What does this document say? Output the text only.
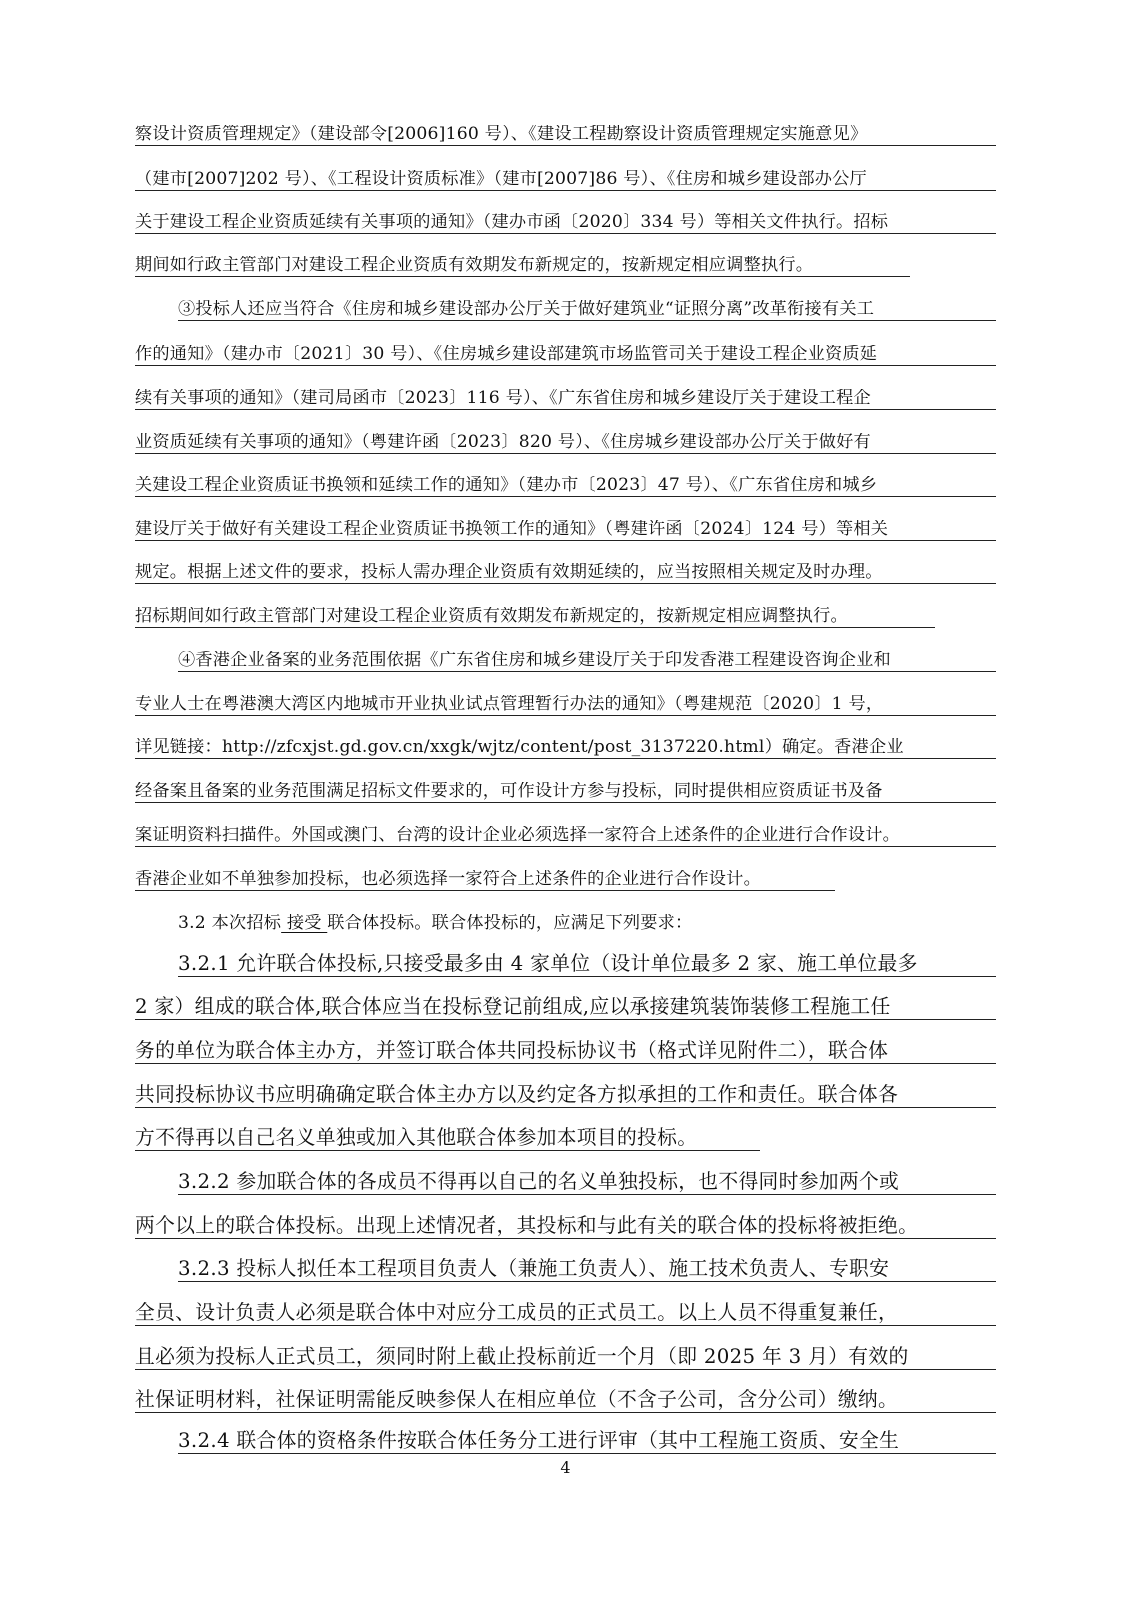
察设计资质管理规定》（建设部令[2006]160 号）、《建设工程勘察设计资质管理规定实施意见》
（建市[2007]202 号）、《工程设计资质标准》（建市[2007]86 号）、《住房和城乡建设部办公厅
关于建设工程企业资质延续有关事项的通知》（建办市函〔2020〕334 号）等相关文件执行。招标
期间如行政主管部门对建设工程企业资质有效期发布新规定的，按新规定相应调整执行。
③投标人还应当符合《住房和城乡建设部办公厅关于做好建筑业“证照分离”改革衔接有关工
作的通知》（建办市〔2021〕30 号）、《住房城乡建设部建筑市场监管司关于建设工程企业资质延
续有关事项的通知》（建司局函市〔2023〕116 号）、《广东省住房和城乡建设厅关于建设工程企
业资质延续有关事项的通知》（粤建许函〔2023〕820 号）、《住房城乡建设部办公厅关于做好有
关建设工程企业资质证书换领和延续工作的通知》（建办市〔2023〕47 号）、《广东省住房和城乡
建设厅关于做好有关建设工程企业资质证书换领工作的通知》（粤建许函〔2024〕124 号）等相关
规定。根据上述文件的要求，投标人需办理企业资质有效期延续的，应当按照相关规定及时办理。
招标期间如行政主管部门对建设工程企业资质有效期发布新规定的，按新规定相应调整执行。
④香港企业备案的业务范围依据《广东省住房和城乡建设厅关于印发香港工程建设咨询企业和
专业人士在粤港澳大湾区内地城市开业执业试点管理暂行办法的通知》（粤建规范〔2020〕1 号，
详见链接：http://zfcxjst.gd.gov.cn/xxgk/wjtz/content/post_3137220.html）确定。香港企业
经备案且备案的业务范围满足招标文件要求的，可作设计方参与投标，同时提供相应资质证书及备
案证明资料扫描件。外国或澳门、台湾的设计企业必须选择一家符合上述条件的企业进行合作设计。
香港企业如不单独参加投标，也必须选择一家符合上述条件的企业进行合作设计。
3.2 本次招标 接受 联合体投标。联合体投标的，应满足下列要求：
3.2.1 允许联合体投标,只接受最多由 4 家单位（设计单位最多 2 家、施工单位最多
2 家）组成的联合体,联合体应当在投标登记前组成,应以承接建筑装饰装修工程施工任
务的单位为联合体主办方，并签订联合体共同投标协议书（格式详见附件二），联合体
共同投标协议书应明确确定联合体主办方以及约定各方拟承担的工作和责任。联合体各
方不得再以自己名义单独或加入其他联合体参加本项目的投标。
3.2.2 参加联合体的各成员不得再以自己的名义单独投标，也不得同时参加两个或
两个以上的联合体投标。出现上述情况者，其投标和与此有关的联合体的投标将被拒绝。
3.2.3 投标人拟任本工程项目负责人（兼施工负责人）、施工技术负责人、专职安
全员、设计负责人必须是联合体中对应分工成员的正式员工。以上人员不得重复兼任，
且必须为投标人正式员工，须同时附上截止投标前近一个月（即 2025 年 3 月）有效的
社保证明材料，社保证明需能反映参保人在相应单位（不含子公司，含分公司）缴纳。
3.2.4 联合体的资格条件按联合体任务分工进行评审（其中工程施工资质、安全生
4
